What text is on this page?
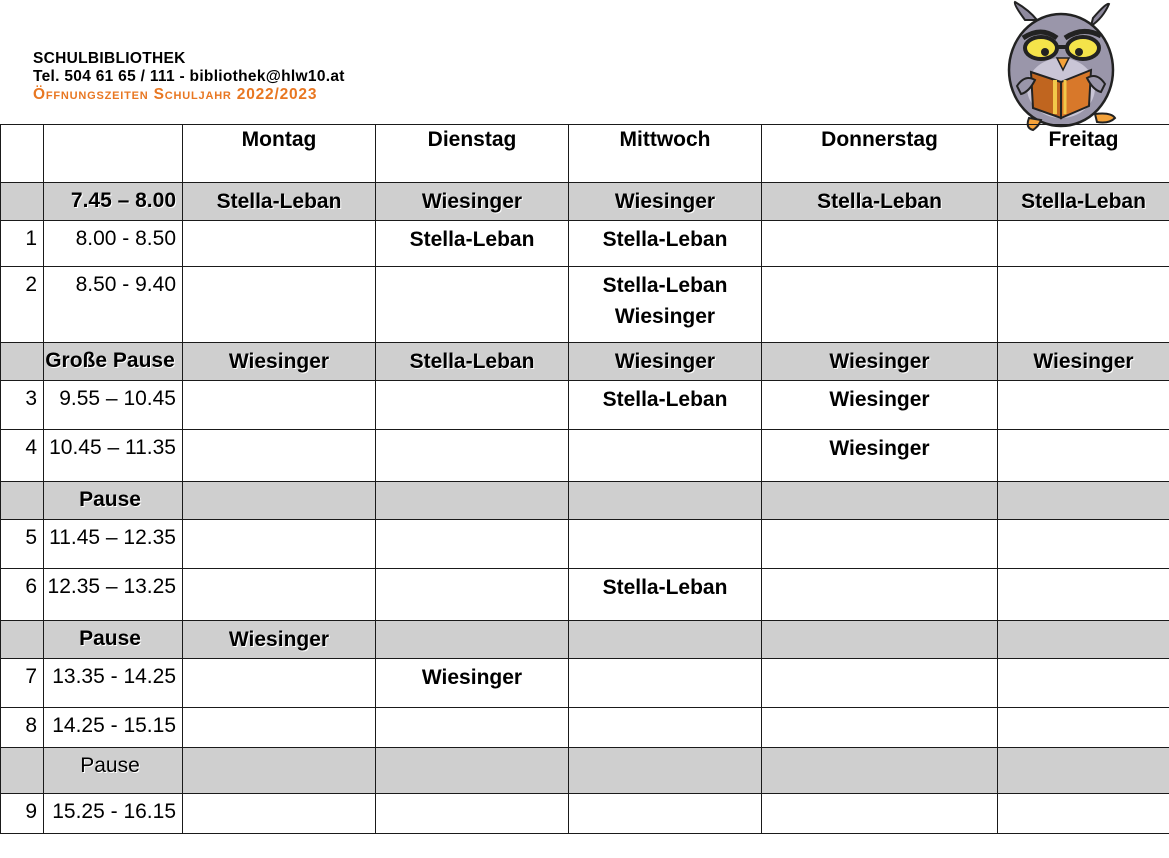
SCHULBIBLIOTHEK
Tel. 504 61 65 / 111 - bibliothek@hlw10.at
Öffnungszeiten Schuljahr 2022/2023
		Montag	Dienstag	Mittwoch	Donnerstag	Freitag
	7.45 – 8.00	Stella-Leban	Wiesinger	Wiesinger	Stella-Leban	Stella-Leban

1	8.00 - 8.50		Stella-Leban	Stella-Leban		

2	8.50 - 9.40			Stella-Leban
Wiesinger		

	Große Pause	Wiesinger	Stella-Leban	Wiesinger	Wiesinger	Wiesinger

3	9.55 – 10.45			Stella-Leban	Wiesinger	

4	10.45 – 11.35				Wiesinger	

	Pause					
5	11.45 – 12.35					
6	12.35 – 13.25			Stella-Leban		

	Pause	Wiesinger				

7	13.35 - 14.25		Wiesinger			

8	14.25 - 15.15					
	Pause					
9	15.25 - 16.15					
